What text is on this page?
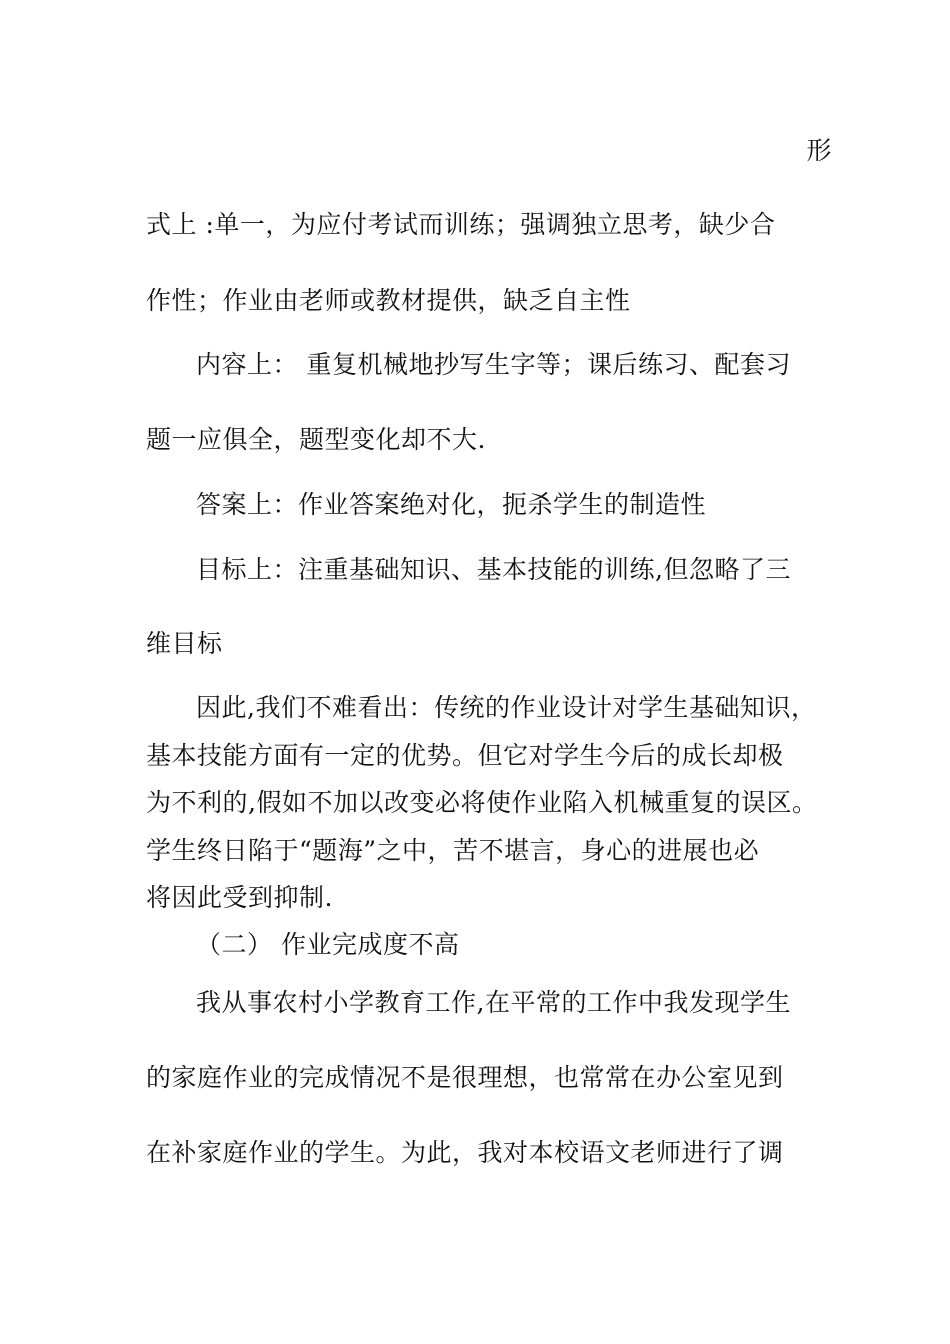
形
式上 :单一，为应付考试而训练；强调独立思考，缺少合
作性；作业由老师或教材提供，缺乏自主性
内容上： 重复机械地抄写生字等；课后练习、配套习
题一应俱全，题型变化却不大.
答案上：作业答案绝对化，扼杀学生的制造性
目标上：注重基础知识、基本技能的训练,但忽略了三
维目标
因此,我们不难看出：传统的作业设计对学生基础知识，
基本技能方面有一定的优势。但它对学生今后的成长却极
为不利的,假如不加以改变必将使作业陷入机械重复的误区。
学生终日陷于“题海”之中，苦不堪言，身心的进展也必
将因此受到抑制.
（二） 作业完成度不高
我从事农村小学教育工作,在平常的工作中我发现学生
的家庭作业的完成情况不是很理想，也常常在办公室见到
在补家庭作业的学生。为此，我对本校语文老师进行了调
